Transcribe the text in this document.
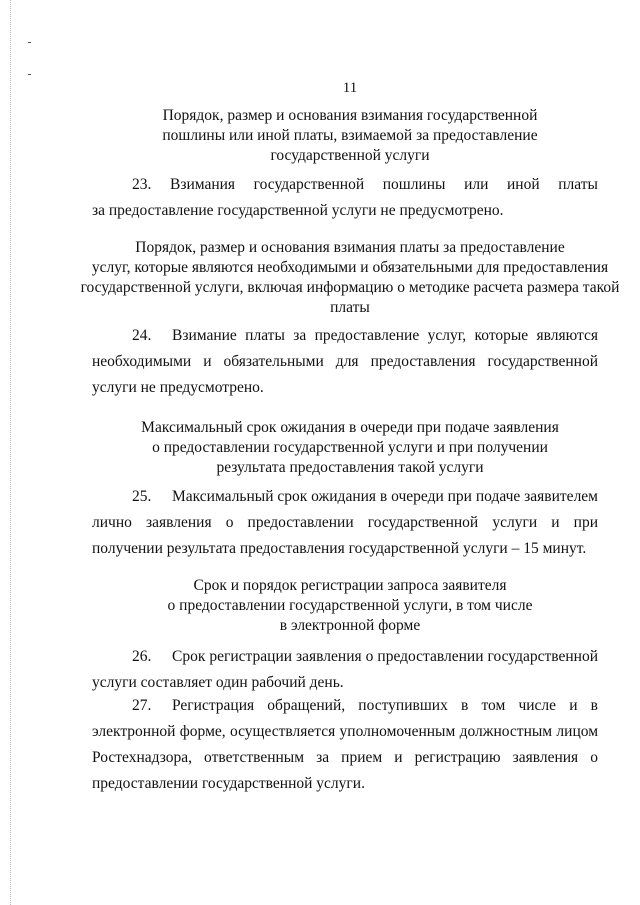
11
Порядок, размер и основания взимания государственной
пошлины или иной платы, взимаемой за предоставление
государственной услуги
23. Взимания государственной пошлины или иной платы
за предоставление государственной услуги не предусмотрено.
Порядок, размер и основания взимания платы за предоставление
услуг, которые являются необходимыми и обязательными для предоставления
государственной услуги, включая информацию о методике расчета размера такой
платы
24. Взимание платы за предоставление услуг, которые являются необходимыми и обязательными для предоставления государственной услуги не предусмотрено.
Максимальный срок ожидания в очереди при подаче заявления
о предоставлении государственной услуги и при получении
результата предоставления такой услуги
25. Максимальный срок ожидания в очереди при подаче заявителем лично заявления о предоставлении государственной услуги и при получении результата предоставления государственной услуги – 15 минут.
Срок и порядок регистрации запроса заявителя
о предоставлении государственной услуги, в том числе
в электронной форме
26. Срок регистрации заявления о предоставлении государственной услуги составляет один рабочий день.
27. Регистрация обращений, поступивших в том числе и в электронной форме, осуществляется уполномоченным должностным лицом Ростехнадзора, ответственным за прием и регистрацию заявления о предоставлении государственной услуги.
